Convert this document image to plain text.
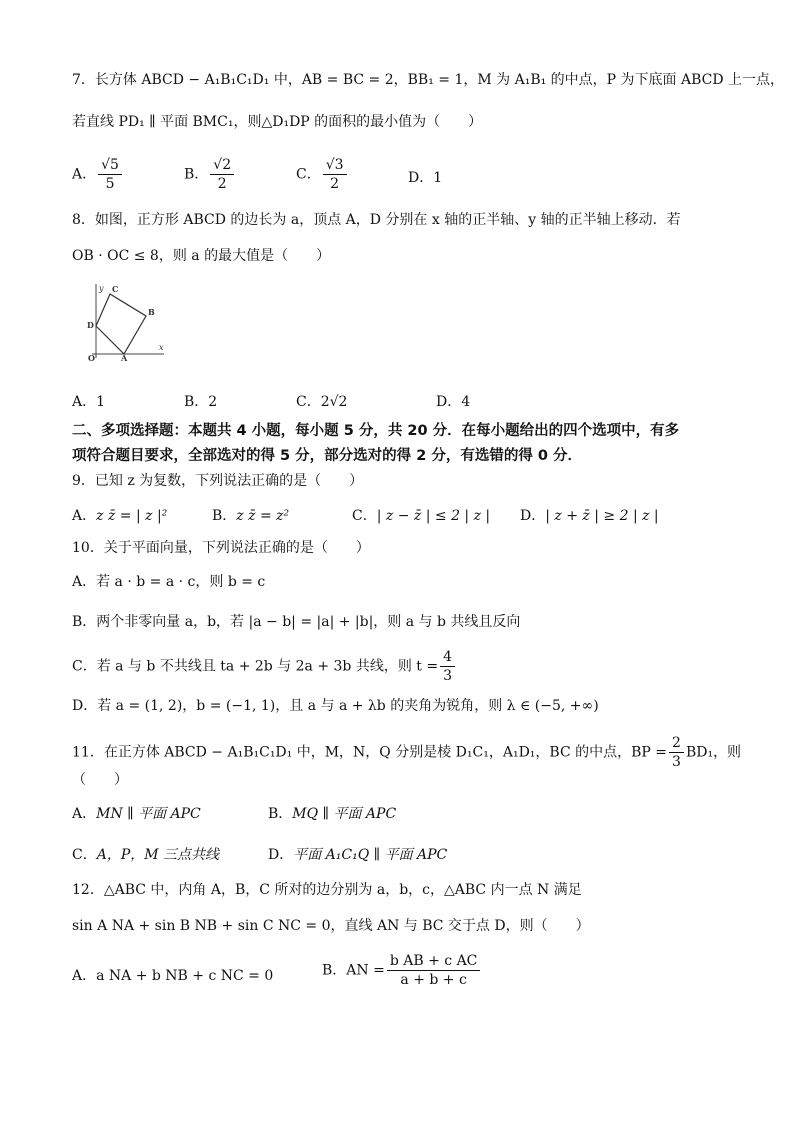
7．长方体 ABCD − A₁B₁C₁D₁ 中，AB = BC = 2，BB₁ = 1，M 为 A₁B₁ 的中点，P 为下底面 ABCD 上一点，
若直线 PD₁ ∥ 平面 BMC₁，则△D₁DP 的面积的最小值为（　　）
A． $\frac{√5}{5}$	B． $\frac{√2}{2}$	C． $\frac{√3}{2}$	D．1
8．如图，正方形 ABCD 的边长为 a，顶点 A，D 分别在 x 轴的正半轴、y 轴的正半轴上移动．若
OB · OC ≤ 8，则 a 的最大值是（　　）
y
x
O	A
B
C
D
A．1	B．2	C．2√2	D．4
二、多项选择题：本题共 4 小题，每小题 5 分，共 20 分．在每小题给出的四个选项中，有多
项符合题目要求，全部选对的得 5 分，部分选对的得 2 分，有选错的得 0 分．
9．已知 z 为复数，下列说法正确的是（　　）
A．z z̄ = | z |²	B．z z̄ = z²	C．| z − z̄ | ≤ 2 | z | D．| z + z̄ | ≥ 2 | z |
10．关于平面向量，下列说法正确的是（　　）
A．若 a · b = a · c，则 b = c
B．两个非零向量 a，b，若 |a − b| = |a| + |b|，则 a 与 b 共线且反向
C．若 a 与 b 不共线且 ta + 2b 与 2a + 3b 共线，则 $t = \frac{4}{3}$
D．若 a = (1, 2)，b = (−1, 1)，且 a 与 a + λb 的夹角为锐角，则 λ ∈ (−5, +∞)
11．在正方体 ABCD − A₁B₁C₁D₁ 中，M，N，Q 分别是棱 D₁C₁，A₁D₁，BC 的中点，BP = $\frac{2}{3} BD_1$，则
（　　）
A．MN ∥ 平面 APC	B．MQ ∥ 平面 APC
C．A，P，M 三点共线	D．平面 A₁C₁Q ∥ 平面 APC
12．△ABC 中，内角 A，B，C 所对的边分别为 a，b，c，△ABC 内一点 N 满足
sin A NA + sin B NB + sin C NC = 0，直线 AN 与 BC 交于点 D，则（　　）
A．a NA + b NB + c NC = 0	B．AN = $\frac{\text{b AB + c AC}}{a + b + c}$
